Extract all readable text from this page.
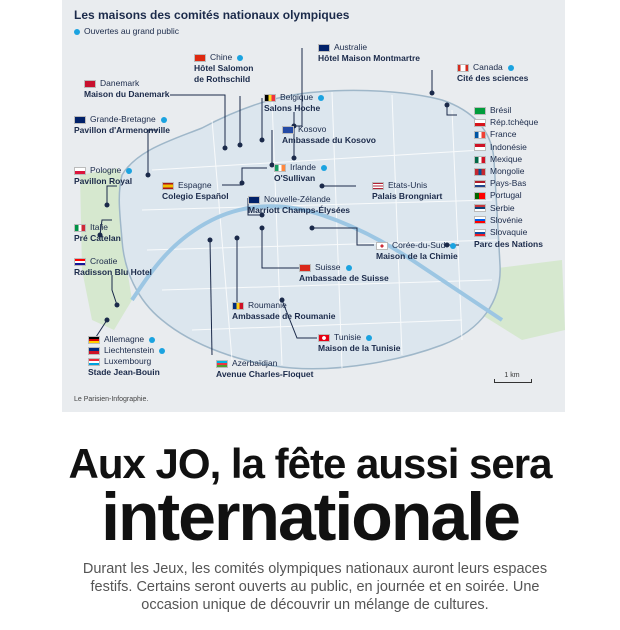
Les maisons des comités nationaux olympiques
Ouvertes au grand public
Chine
Hôtel Salomon
de Rothschild
Australie
Hôtel Maison Montmartre
Danemark
Maison du Danemark
Canada
Cité des sciences
Belgique
Salons Hoche
Grande-Bretagne
Pavillon d'Armenonville	Kosovo
Ambassade du Kosovo
Pologne
Pavillon Royal
Irlande
O'Sullivan
Espagne
Colegio Español
Etats-Unis
Palais Brongniart
Nouvelle-Zélande
Marriott Champs-Élysées
Italie
Pré Catelan
Corée-du-Sud
Maison de la Chimie
Croatie
Radisson Blu Hotel	Suisse
Ambassade de Suisse
Roumanie
Ambassade de Roumanie
Tunisie
Maison de la Tunisie
Allemagne
Liechtenstein
Luxembourg
Stade Jean-Bouin
Azerbaïdjan
Avenue Charles-Floquet
Brésil
Rép.tchèque
France
Indonésie
Mexique
Mongolie
Pays-Bas
Portugal
Serbie
Slovénie
Slovaquie
Parc des Nations
1 km
Le Parisien-Infographie.
Aux JO, la fête aussi sera
internationale
Durant les Jeux, les comités olympiques nationaux auront leurs espaces festifs. Certains seront ouverts au public, en journée et en soirée. Une occasion unique de découvrir un mélange de cultures.
